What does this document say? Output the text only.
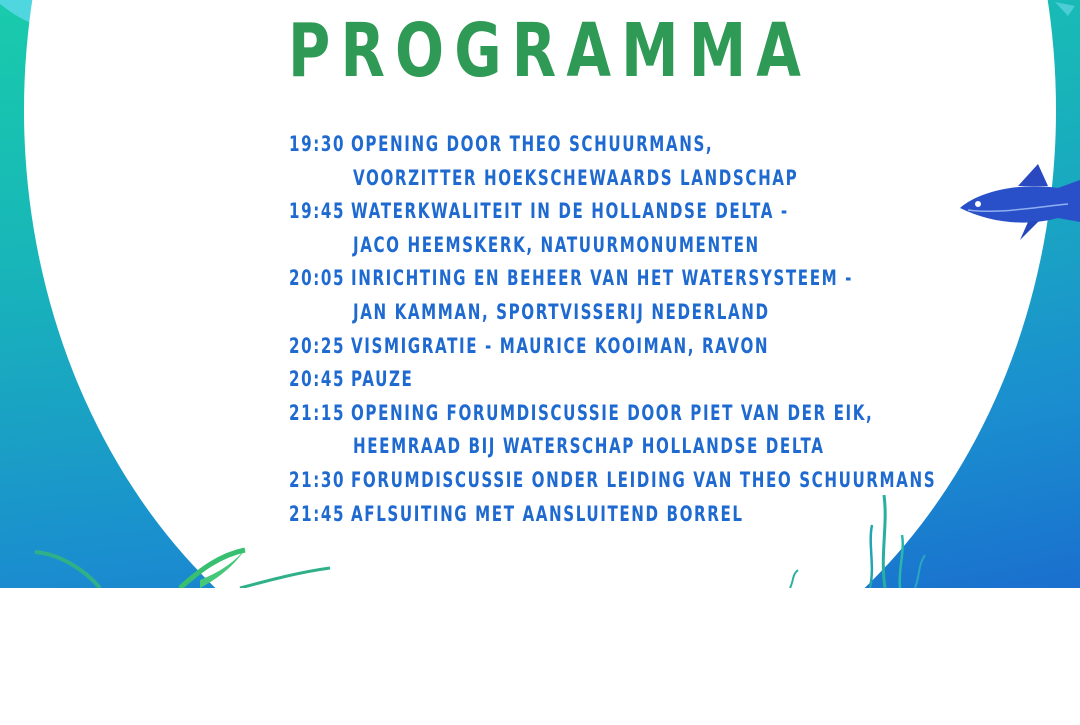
PROGRAMMA
19:30 OPENING DOOR THEO SCHUURMANS,
VOORZITTER HOEKSCHEWAARDS LANDSCHAP
19:45 WATERKWALITEIT IN DE HOLLANDSE DELTA -
JACO HEEMSKERK, NATUURMONUMENTEN
20:05 INRICHTING EN BEHEER VAN HET WATERSYSTEEM -
JAN KAMMAN, SPORTVISSERIJ NEDERLAND
20:25 VISMIGRATIE - MAURICE KOOIMAN, RAVON
20:45 PAUZE
21:15 OPENING FORUMDISCUSSIE DOOR PIET VAN DER EIK,
HEEMRAAD BIJ WATERSCHAP HOLLANDSE DELTA
21:30 FORUMDISCUSSIE ONDER LEIDING VAN THEO SCHUURMANS
21:45 AFLSUITING MET AANSLUITEND BORREL
